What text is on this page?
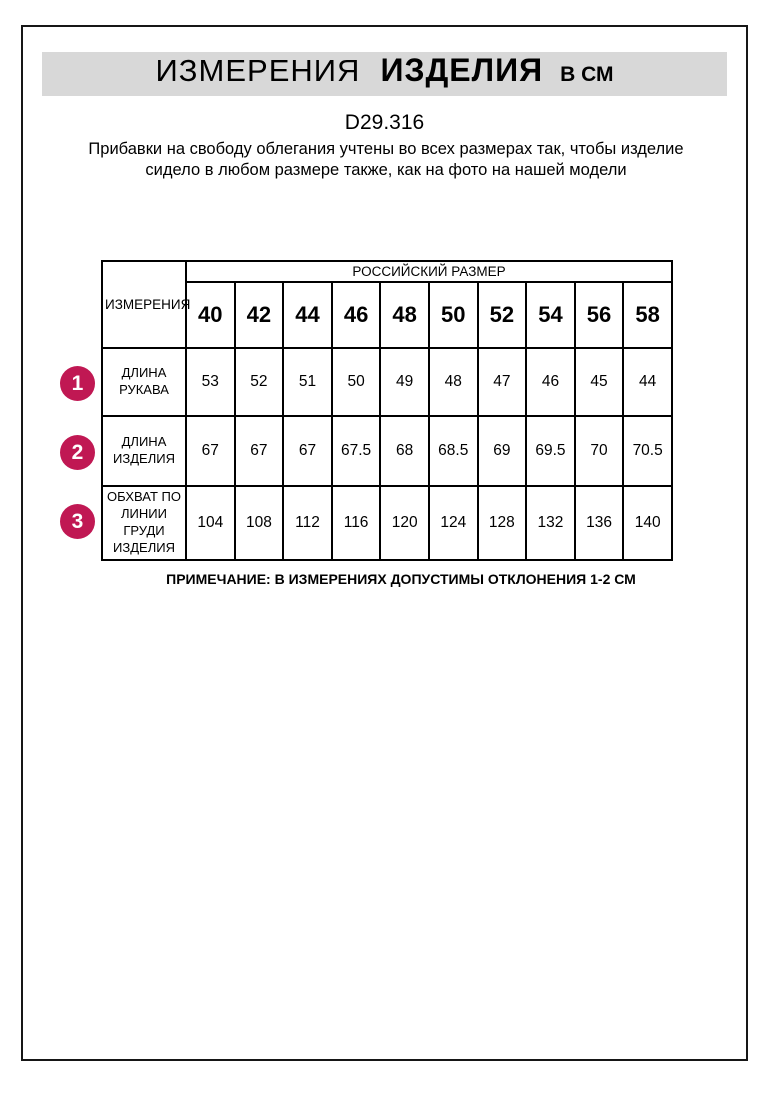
ИЗМЕРЕНИЯ ИЗДЕЛИЯ В СМ
D29.316

Прибавки на свободу облегания учтены во всех размерах так, чтобы изделие сидело в любом размере также, как на фото на нашей модели

1
2
3
ИЗМЕРЕНИЯ	РОССИЙСКИЙ РАЗМЕР									
	40	42	44	46	48	50	52	54	56	58
ДЛИНА РУКАВА	53	52	51	50	49	48	47	46	45	44
ДЛИНА ИЗДЕЛИЯ	67	67	67	67.5	68	68.5	69	69.5	70	70.5
ОБХВАТ ПО ЛИНИИ ГРУДИ ИЗДЕЛИЯ	104	108	112	116	120	124	128	132	136	140
ПРИМЕЧАНИЕ: В ИЗМЕРЕНИЯХ ДОПУСТИМЫ ОТКЛОНЕНИЯ 1-2 СМ
